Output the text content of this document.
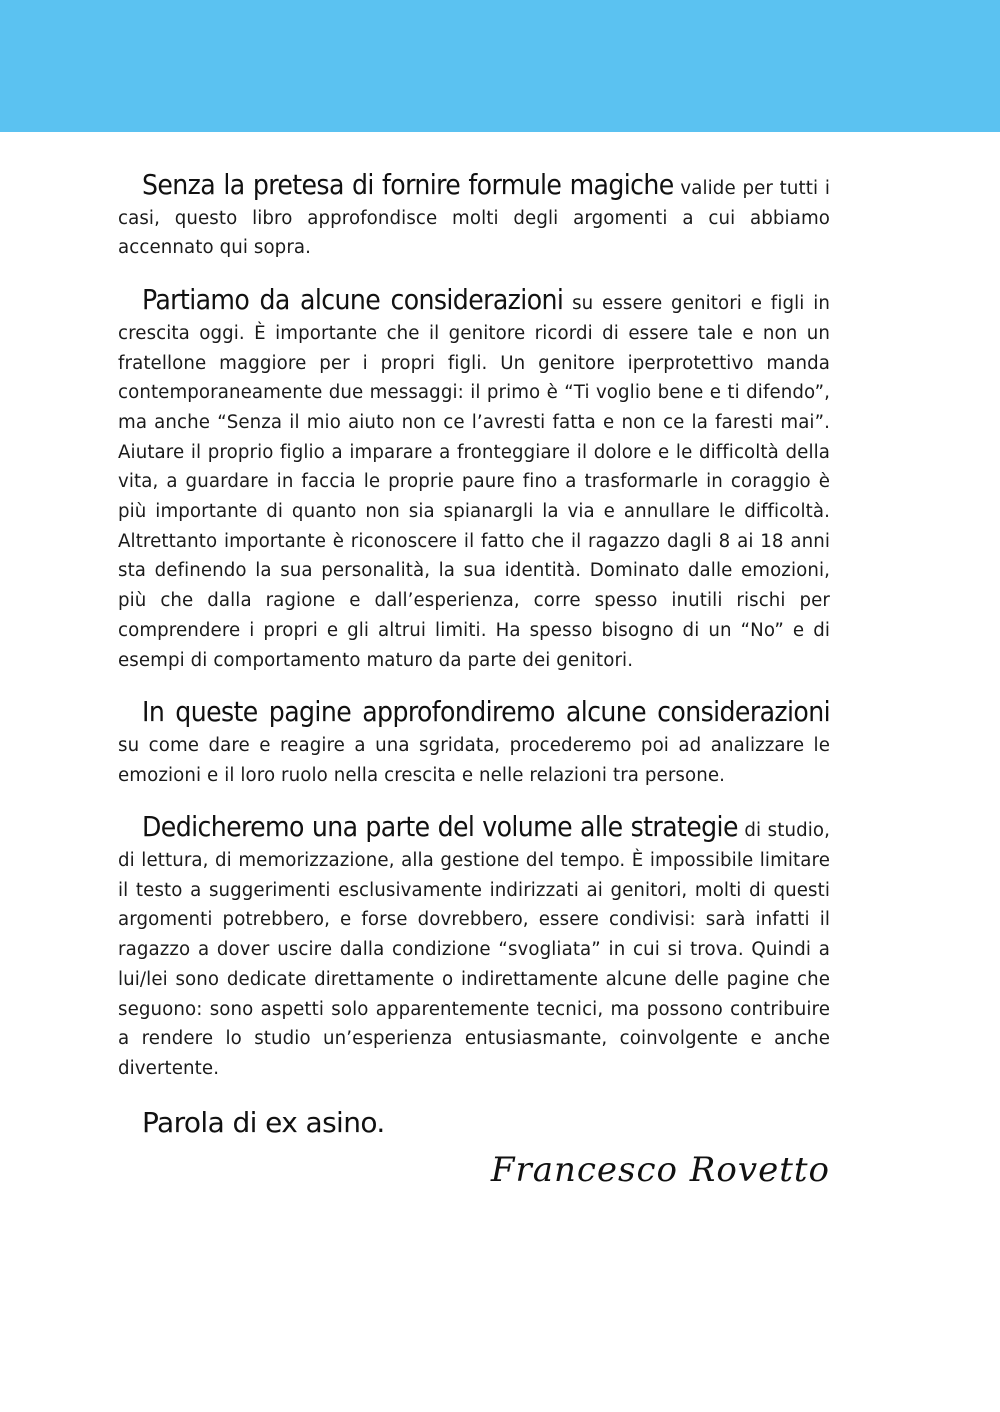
Senza la pretesa di fornire formule magiche valide per tutti i casi, questo libro approfondisce molti degli argomenti a cui abbiamo accennato qui sopra.

Partiamo da alcune considerazioni su essere genitori e figli in crescita oggi. È importante che il genitore ricordi di essere tale e non un fratellone maggiore per i propri figli. Un genitore iperprotettivo manda contemporaneamente due messaggi: il primo è “Ti voglio bene e ti difendo”, ma anche “Senza il mio aiuto non ce l’avresti fatta e non ce la faresti mai”. Aiutare il proprio figlio a imparare a fronteggiare il dolore e le difficoltà della vita, a guardare in faccia le proprie paure fino a trasformarle in coraggio è più importante di quanto non sia spianargli la via e annullare le difficoltà. Altrettanto importante è riconoscere il fatto che il ragazzo dagli 8 ai 18 anni sta definendo la sua personalità, la sua identità. Dominato dalle emozioni, più che dalla ragione e dall’esperienza, corre spesso inutili rischi per comprendere i propri e gli altrui limiti. Ha spesso bisogno di un “No” e di esempi di comportamento maturo da parte dei genitori.

In queste pagine approfondiremo alcune considerazioni su come dare e reagire a una sgridata, procederemo poi ad analizzare le emozioni e il loro ruolo nella crescita e nelle relazioni tra persone.

Dedicheremo una parte del volume alle strategie di studio, di lettura, di memorizzazione, alla gestione del tempo. È impossibile limitare il testo a suggerimenti esclusivamente indirizzati ai genitori, molti di questi argomenti potrebbero, e forse dovrebbero, essere condivisi: sarà infatti il ragazzo a dover uscire dalla condizione “svogliata” in cui si trova. Quindi a lui/lei sono dedicate direttamente o indirettamente alcune delle pagine che seguono: sono aspetti solo apparentemente tecnici, ma possono contribuire a rendere lo studio un’esperienza entusiasmante, coinvolgente e anche divertente.

Parola di ex asino.

Francesco Rovetto
